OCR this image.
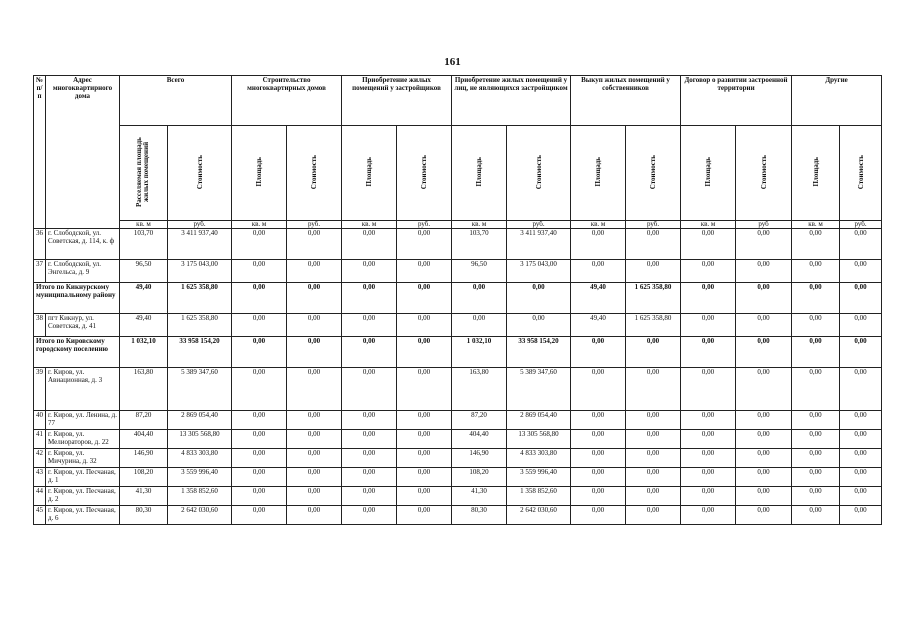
161
№ п/п	Адрес многоквартирного дома	Всего		Строительство многоквартирных домов		Приобретение жилых помещений у застройщиков		Приобретение жилых помещений у лиц, не являющихся застройщиком		Выкуп жилых помещений у собственников		Договор о развитии застроенной территории		Другие	
		Расселяемая площадь жилых помещений	Стоимость	Площадь	Стоимость	Площадь	Стоимость	Площадь	Стоимость	Площадь	Стоимость	Площадь	Стоимость	Площадь	Стоимость
		кв. м	руб.	кв. м	руб.	кв. м	руб.	кв. м	руб.	кв. м	руб.	кв. м	руб	кв. м	руб.
36	г. Слободской, ул. Советская, д. 114, к. ф	103,70	3 411 937,40	0,00	0,00	0,00	0,00	103,70	3 411 937,40	0,00	0,00	0,00	0,00	0,00	0,00
37	г. Слободской, ул. Энгельса, д. 9	96,50	3 175 043,00	0,00	0,00	0,00	0,00	96,50	3 175 043,00	0,00	0,00	0,00	0,00	0,00	0,00
Итого по Кикнурскому муниципальному району		49,40	1 625 358,80	0,00	0,00	0,00	0,00	0,00	0,00	49,40	1 625 358,80	0,00	0,00	0,00	0,00
38	пгт Кикнур, ул. Советская, д. 41	49,40	1 625 358,80	0,00	0,00	0,00	0,00	0,00	0,00	49,40	1 625 358,80	0,00	0,00	0,00	0,00
Итого по Кировскому городскому поселению		1 032,10	33 958 154,20	0,00	0,00	0,00	0,00	1 032,10	33 958 154,20	0,00	0,00	0,00	0,00	0,00	0,00
39	г. Киров, ул. Авиационная, д. 3	163,80	5 389 347,60	0,00	0,00	0,00	0,00	163,80	5 389 347,60	0,00	0,00	0,00	0,00	0,00	0,00
40	г. Киров, ул. Ленина, д. 77	87,20	2 869 054,40	0,00	0,00	0,00	0,00	87,20	2 869 054,40	0,00	0,00	0,00	0,00	0,00	0,00
41	г. Киров, ул. Мелиораторов, д. 22	404,40	13 305 568,80	0,00	0,00	0,00	0,00	404,40	13 305 568,80	0,00	0,00	0,00	0,00	0,00	0,00
42	г. Киров, ул. Мичурина, д. 32	146,90	4 833 303,80	0,00	0,00	0,00	0,00	146,90	4 833 303,80	0,00	0,00	0,00	0,00	0,00	0,00
43	г. Киров, ул. Песчаная, д. 1	108,20	3 559 996,40	0,00	0,00	0,00	0,00	108,20	3 559 996,40	0,00	0,00	0,00	0,00	0,00	0,00
44	г. Киров, ул. Песчаная, д. 2	41,30	1 358 852,60	0,00	0,00	0,00	0,00	41,30	1 358 852,60	0,00	0,00	0,00	0,00	0,00	0,00
45	г. Киров, ул. Песчаная, д. 6	80,30	2 642 030,60	0,00	0,00	0,00	0,00	80,30	2 642 030,60	0,00	0,00	0,00	0,00	0,00	0,00
